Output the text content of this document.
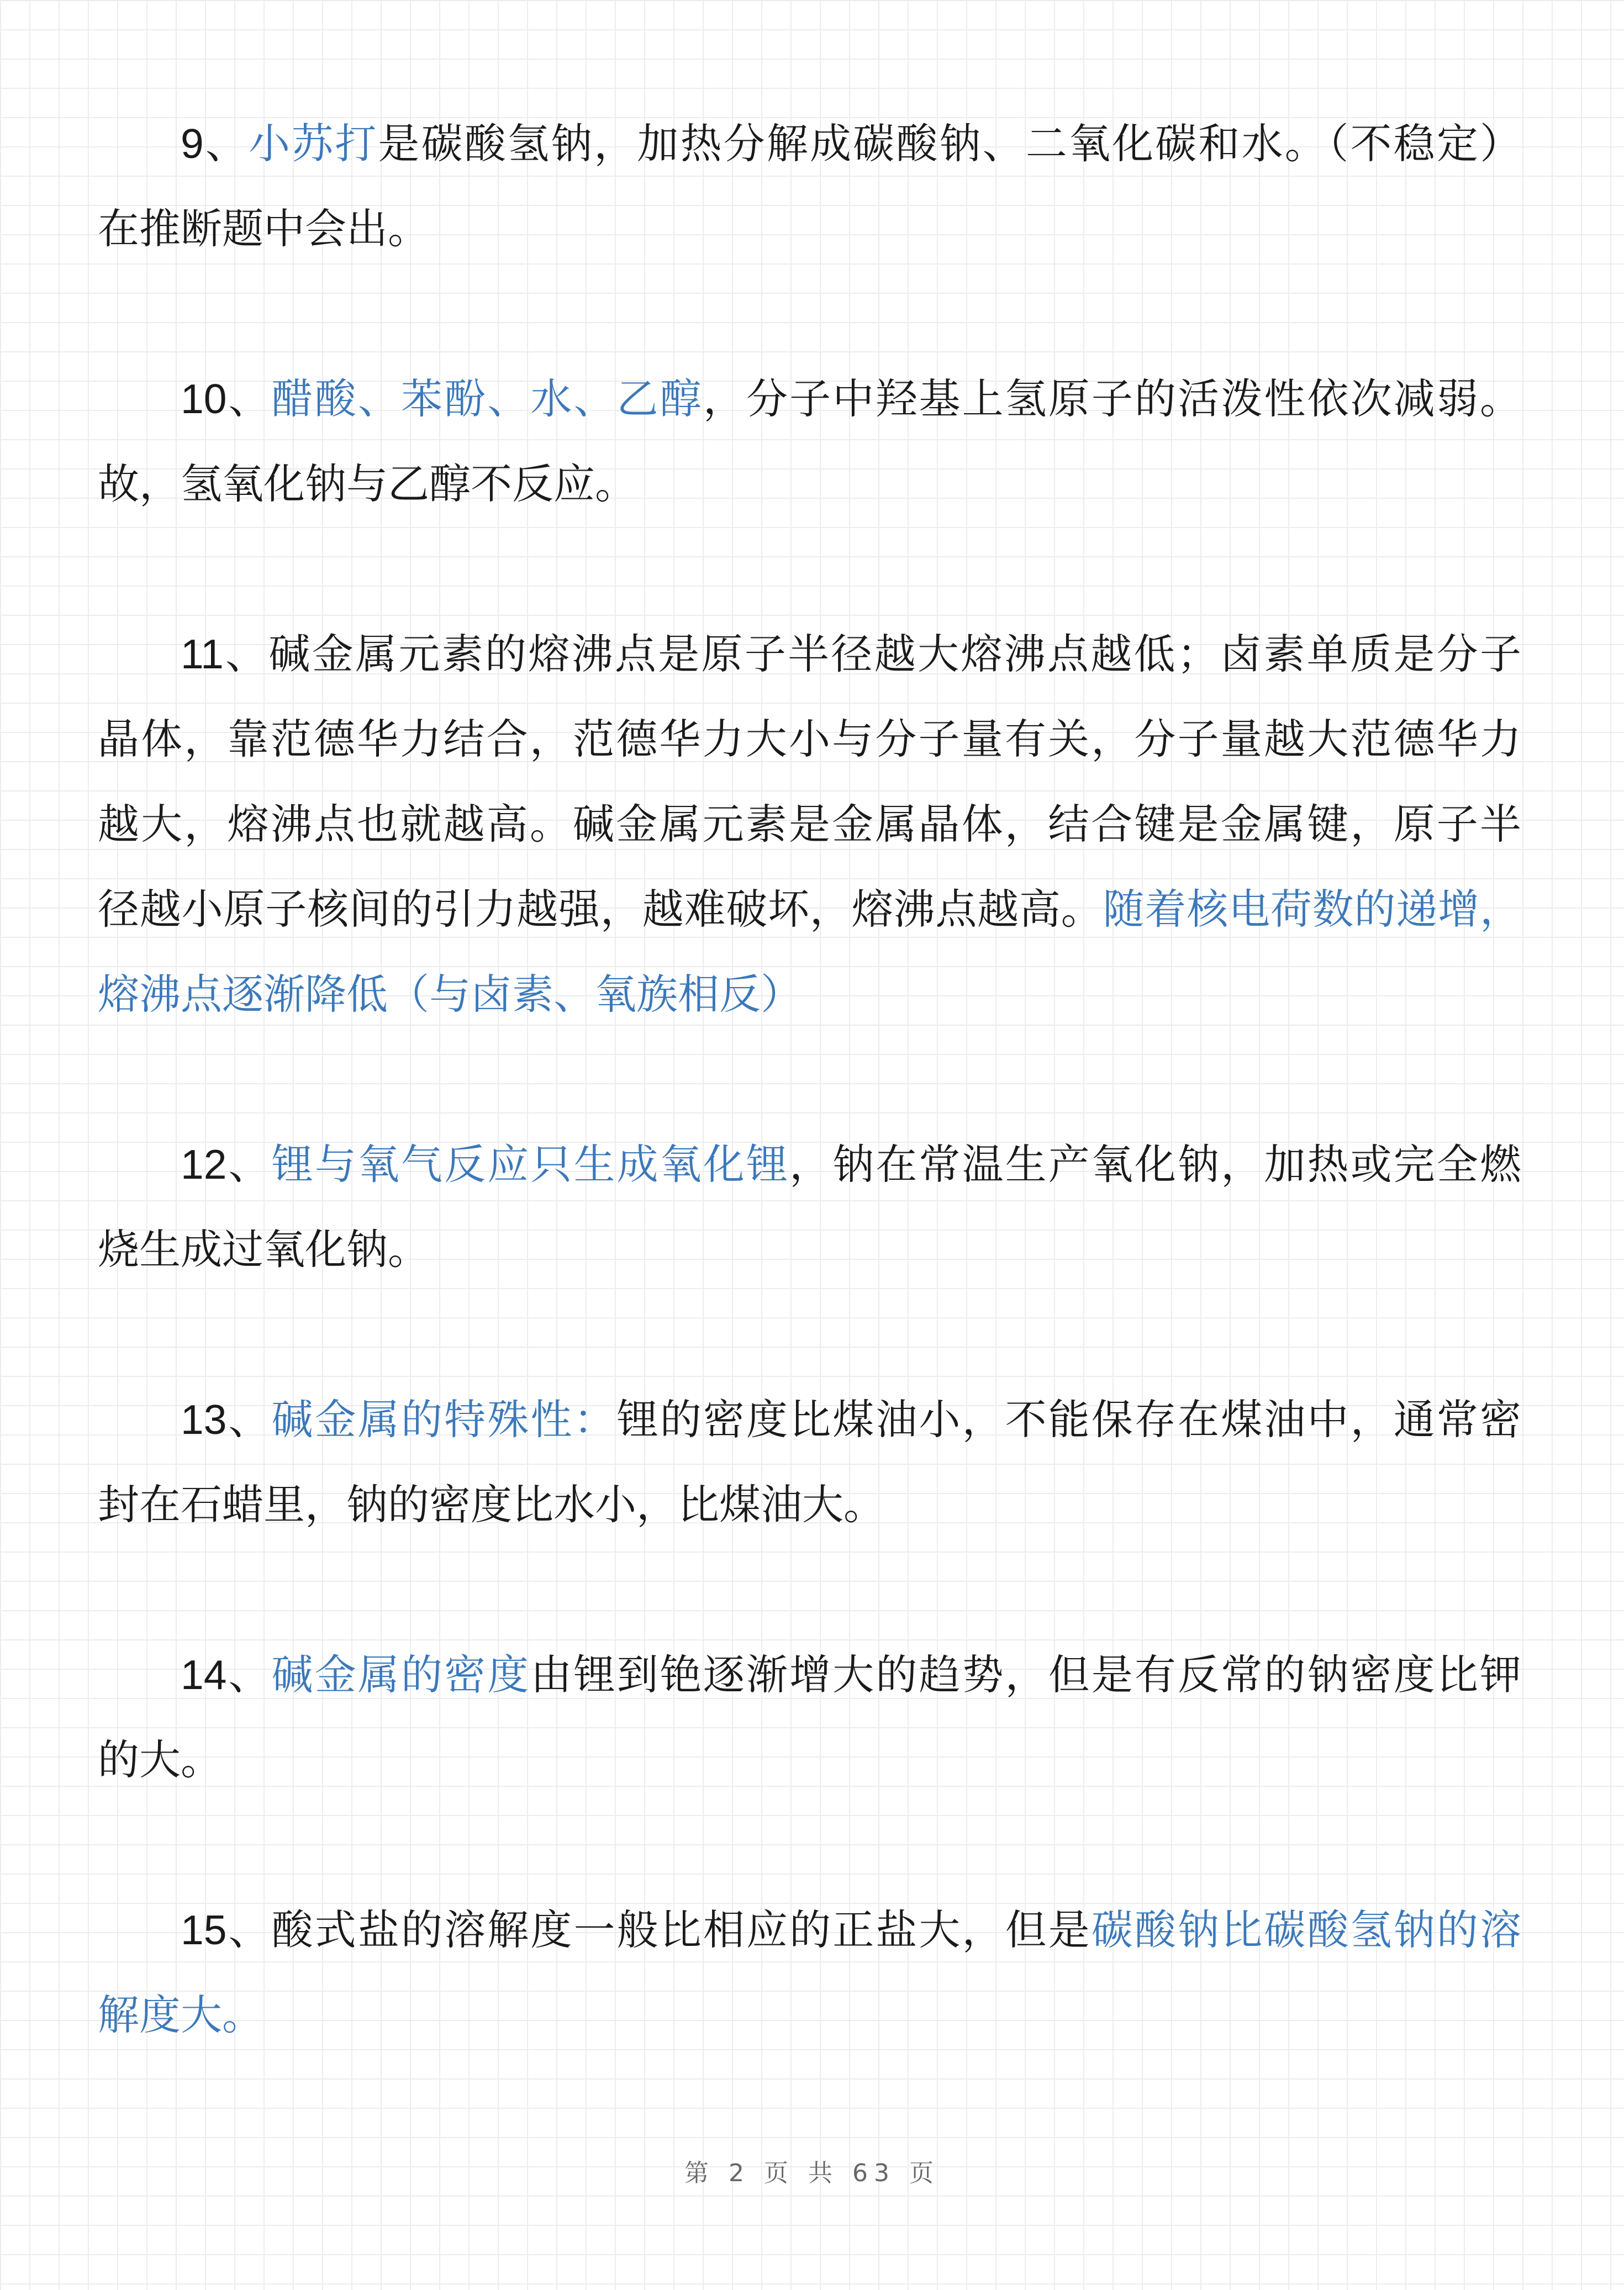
9、小苏打是碳酸氢钠，加热分解成碳酸钠、二氧化碳和水。（不稳定）
在推断题中会出。
10、醋酸、苯酚、水、乙醇，分子中羟基上氢原子的活泼性依次减弱。
故，氢氧化钠与乙醇不反应。
11、碱金属元素的熔沸点是原子半径越大熔沸点越低；卤素单质是分子
晶体，靠范德华力结合，范德华力大小与分子量有关，分子量越大范德华力
越大，熔沸点也就越高。碱金属元素是金属晶体，结合键是金属键，原子半
径越小原子核间的引力越强，越难破坏，熔沸点越高。随着核电荷数的递增，
熔沸点逐渐降低（与卤素、氧族相反）
12、锂与氧气反应只生成氧化锂，钠在常温生产氧化钠，加热或完全燃
烧生成过氧化钠。
13、碱金属的特殊性：锂的密度比煤油小，不能保存在煤油中，通常密
封在石蜡里，钠的密度比水小，比煤油大。
14、碱金属的密度由锂到铯逐渐增大的趋势，但是有反常的钠密度比钾
的大。
15、酸式盐的溶解度一般比相应的正盐大，但是碳酸钠比碳酸氢钠的溶
解度大。
第 2 页 共 63 页
